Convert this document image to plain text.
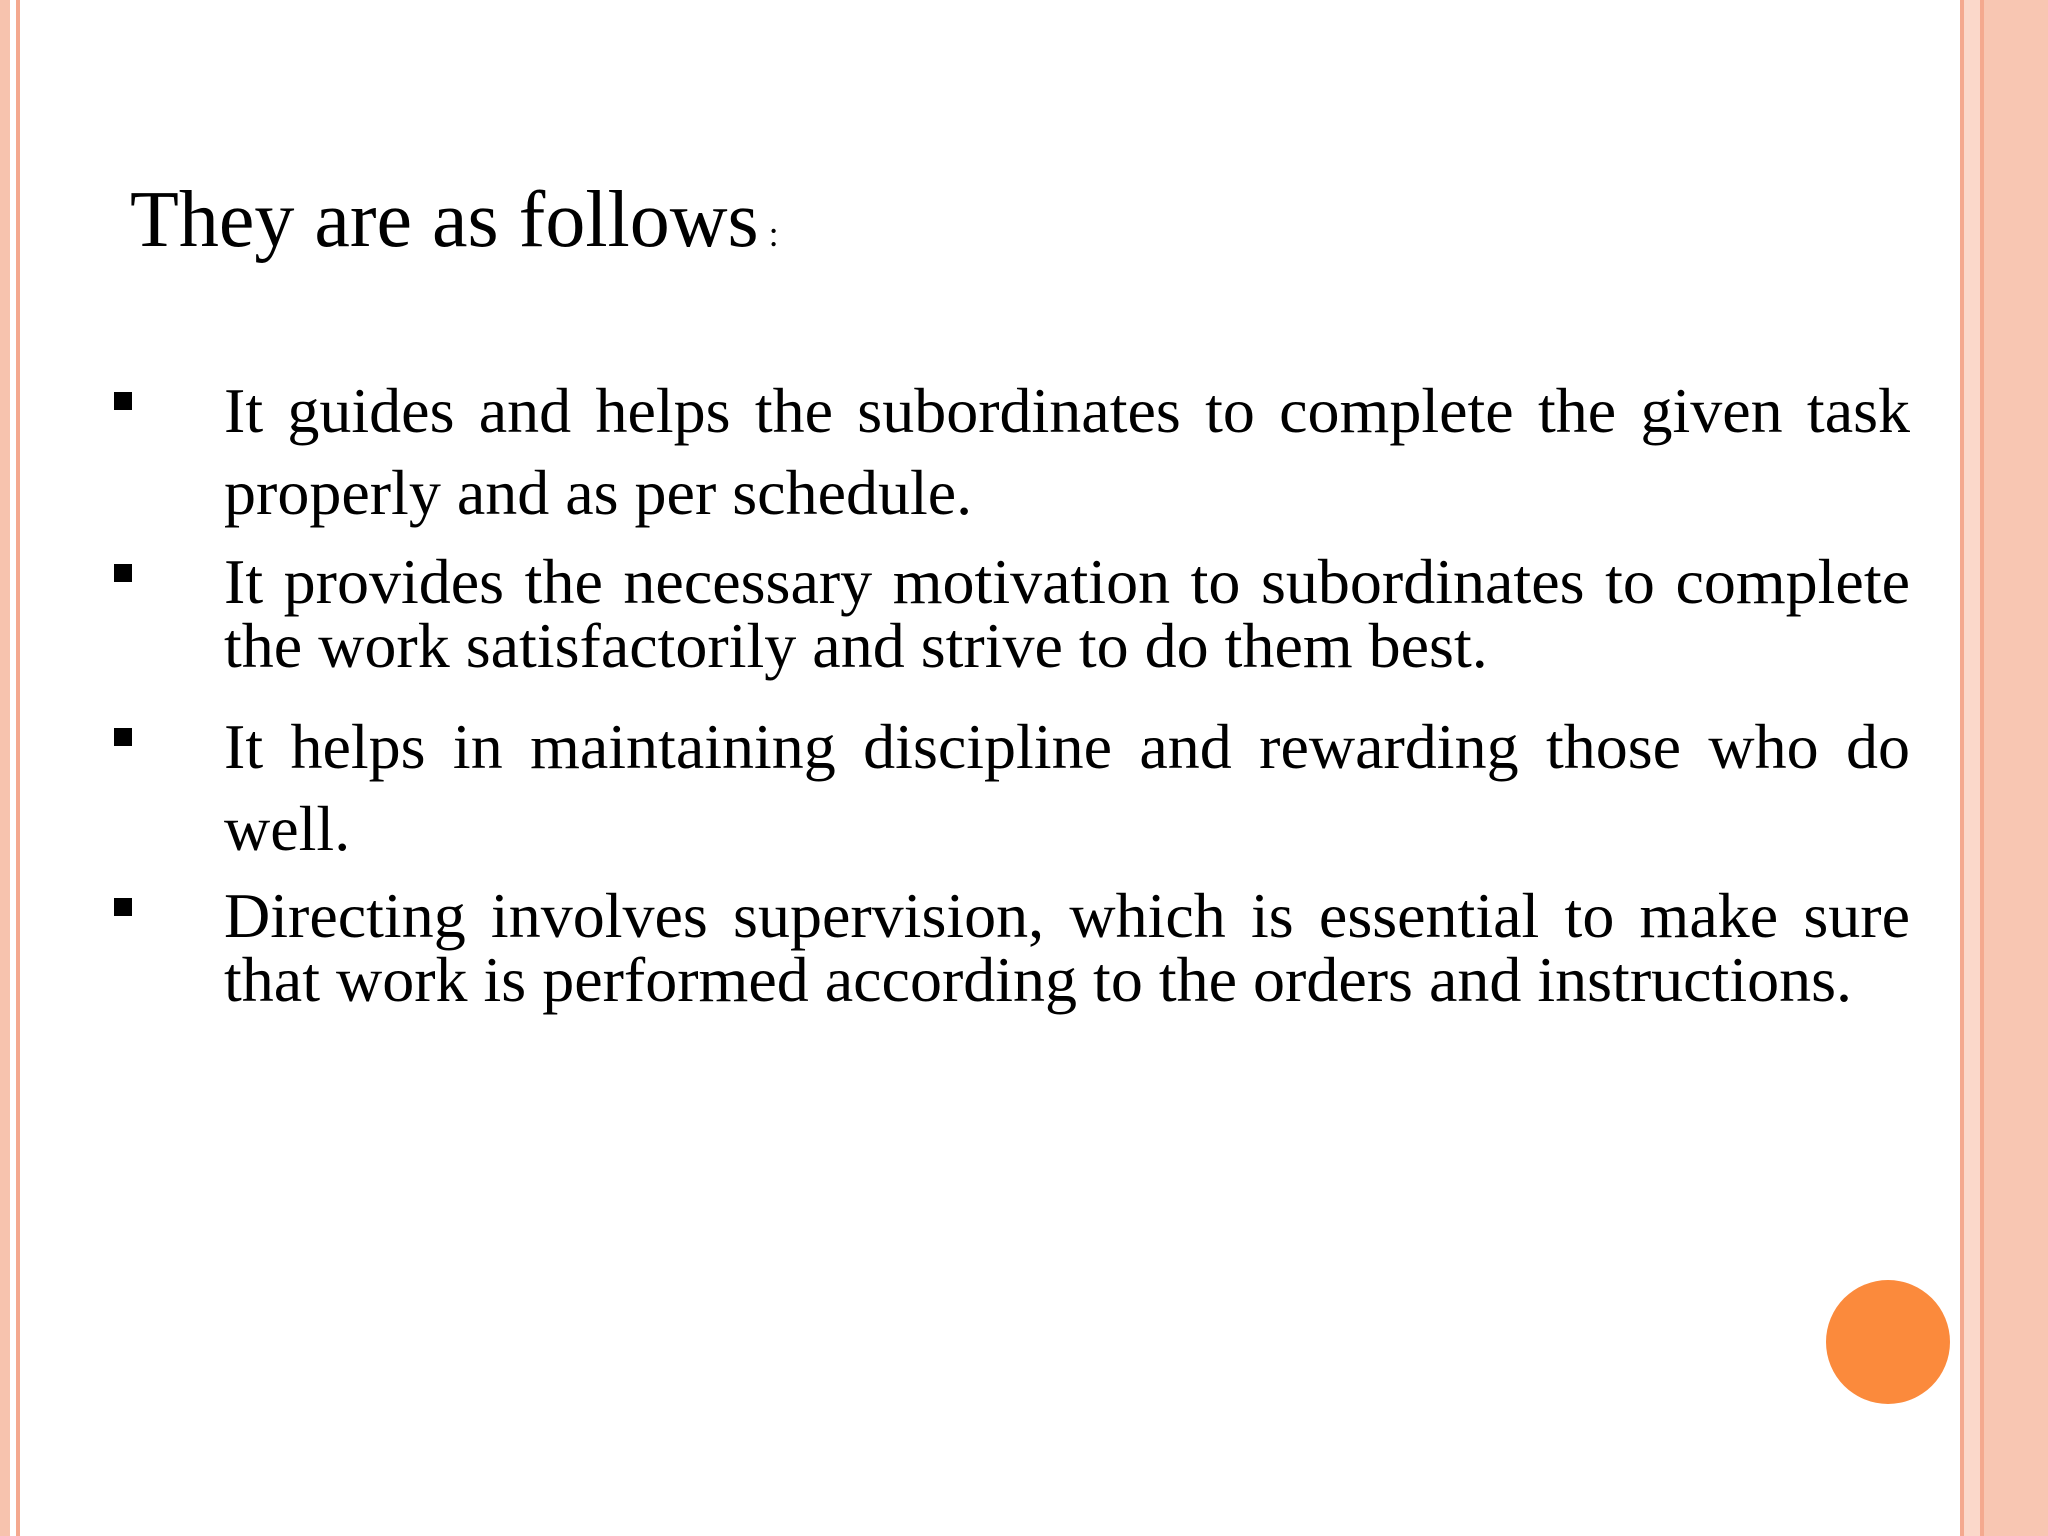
They are as follows :
It guides and helps the subordinates to complete the given task properly and as per schedule.
It provides the necessary motivation to subordinates to complete the work satisfactorily and strive to do them best.
It helps in maintaining discipline and rewarding those who do well.
Directing involves supervision, which is essential to make sure that work is performed according to the orders and instructions.
